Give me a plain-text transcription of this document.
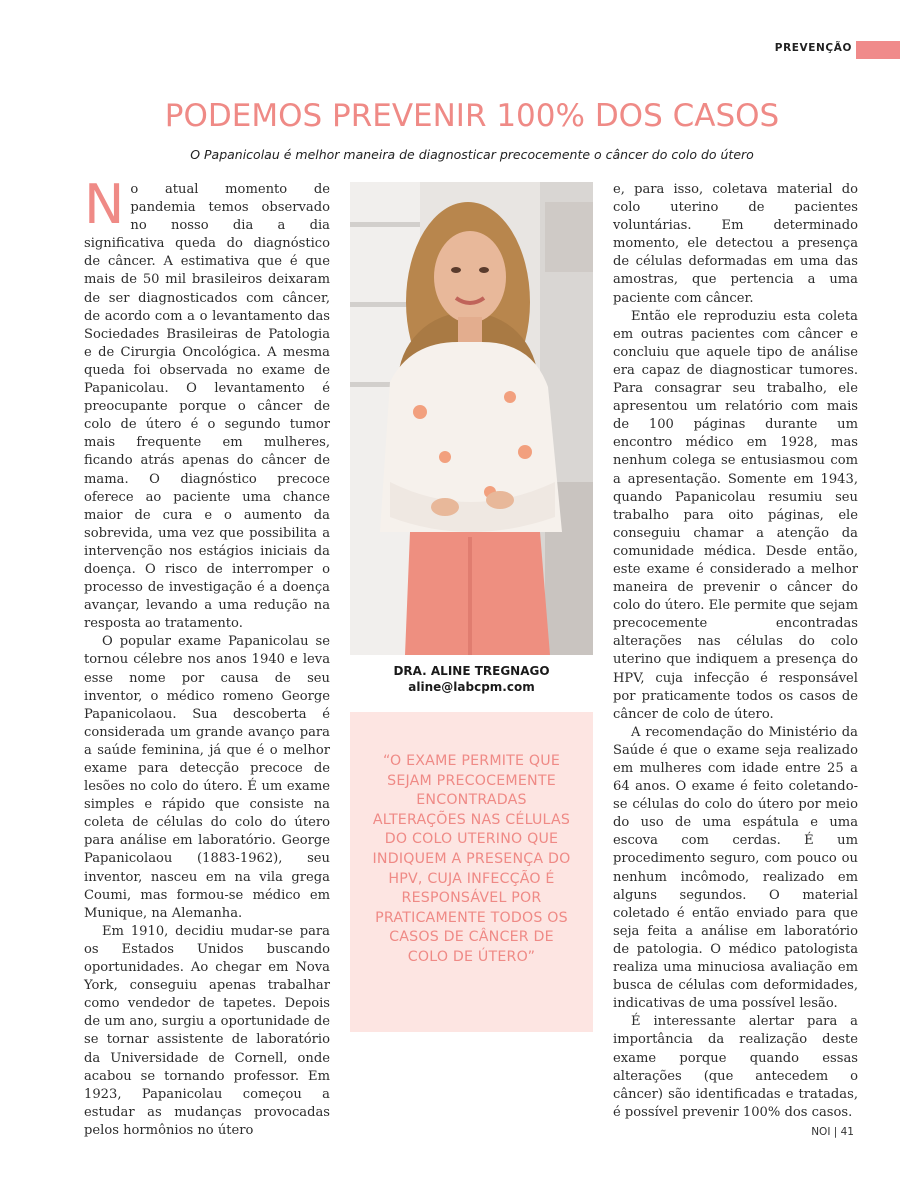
PREVENÇÃO
PODEMOS PREVENIR 100% DOS CASOS
O Papanicolau é melhor maneira de diagnosticar precocemente o câncer do colo do útero

No atual momento de pandemia temos observado no nosso dia a dia significativa queda do diagnóstico de câncer. A estimativa que é que mais de 50 mil brasileiros deixaram de ser diagnosticados com câncer, de acordo com a o levantamento das Sociedades Brasileiras de Patologia e de Cirurgia Oncológica. A mesma queda foi observada no exame de Papanicolau. O levantamento é preocupante porque o câncer de colo de útero é o segundo tumor mais frequente em mulheres, ficando atrás apenas do câncer de mama. O diagnóstico precoce oferece ao paciente uma chance maior de cura e o aumento da sobrevida, uma vez que possibilita a intervenção nos estágios iniciais da doença. O risco de interromper o processo de investigação é a doença avançar, levando a uma redução na resposta ao tratamento.

O popular exame Papanicolau se tornou célebre nos anos 1940 e leva esse nome por causa de seu inventor, o médico romeno George Papanicolaou. Sua descoberta é considerada um grande avanço para a saúde feminina, já que é o melhor exame para detecção precoce de lesões no colo do útero. É um exame simples e rápido que consiste na coleta de células do colo do útero para análise em laboratório. George Papanicolaou (1883-1962), seu inventor, nasceu em na vila grega Coumi, mas formou-se médico em Munique, na Alemanha.

Em 1910, decidiu mudar-se para os Estados Unidos buscando oportunidades. Ao chegar em Nova York, conseguiu apenas trabalhar como vendedor de tapetes. Depois de um ano, surgiu a oportunidade de se tornar assistente de laboratório da Universidade de Cornell, onde acabou se tornando professor. Em 1923, Papanicolau começou a estudar as mudanças provocadas pelos hormônios no útero

DRA. ALINE TREGNAGO
aline@labcpm.com
“O EXAME PERMITE QUE SEJAM PRECOCEMENTE ENCONTRADAS ALTERAÇÕES NAS CÉLULAS DO COLO UTERINO QUE INDIQUEM A PRESENÇA DO HPV, CUJA INFECÇÃO É RESPONSÁVEL POR PRATICAMENTE TODOS OS CASOS DE CÂNCER DE COLO DE ÚTERO”

e, para isso, coletava material do colo uterino de pacientes voluntárias. Em determinado momento, ele detectou a presença de células deformadas em uma das amostras, que pertencia a uma paciente com câncer.

Então ele reproduziu esta coleta em outras pacientes com câncer e concluiu que aquele tipo de análise era capaz de diagnosticar tumores. Para consagrar seu trabalho, ele apresentou um relatório com mais de 100 páginas durante um encontro médico em 1928, mas nenhum colega se entusiasmou com a apresentação. Somente em 1943, quando Papanicolau resumiu seu trabalho para oito páginas, ele conseguiu chamar a atenção da comunidade médica. Desde então, este exame é considerado a melhor maneira de prevenir o câncer do colo do útero. Ele permite que sejam precocemente encontradas alterações nas células do colo uterino que indiquem a presença do HPV, cuja infecção é responsável por praticamente todos os casos de câncer de colo de útero.

A recomendação do Ministério da Saúde é que o exame seja realizado em mulheres com idade entre 25 a 64 anos. O exame é feito coletando-se células do colo do útero por meio do uso de uma espátula e uma escova com cerdas. É um procedimento seguro, com pouco ou nenhum incômodo, realizado em alguns segundos. O material coletado é então enviado para que seja feita a análise em laboratório de patologia. O médico patologista realiza uma minuciosa avaliação em busca de células com deformidades, indicativas de uma possível lesão.

É interessante alertar para a importância da realização deste exame porque quando essas alterações (que antecedem o câncer) são identificadas e tratadas, é possível prevenir 100% dos casos.

NOI | 41
